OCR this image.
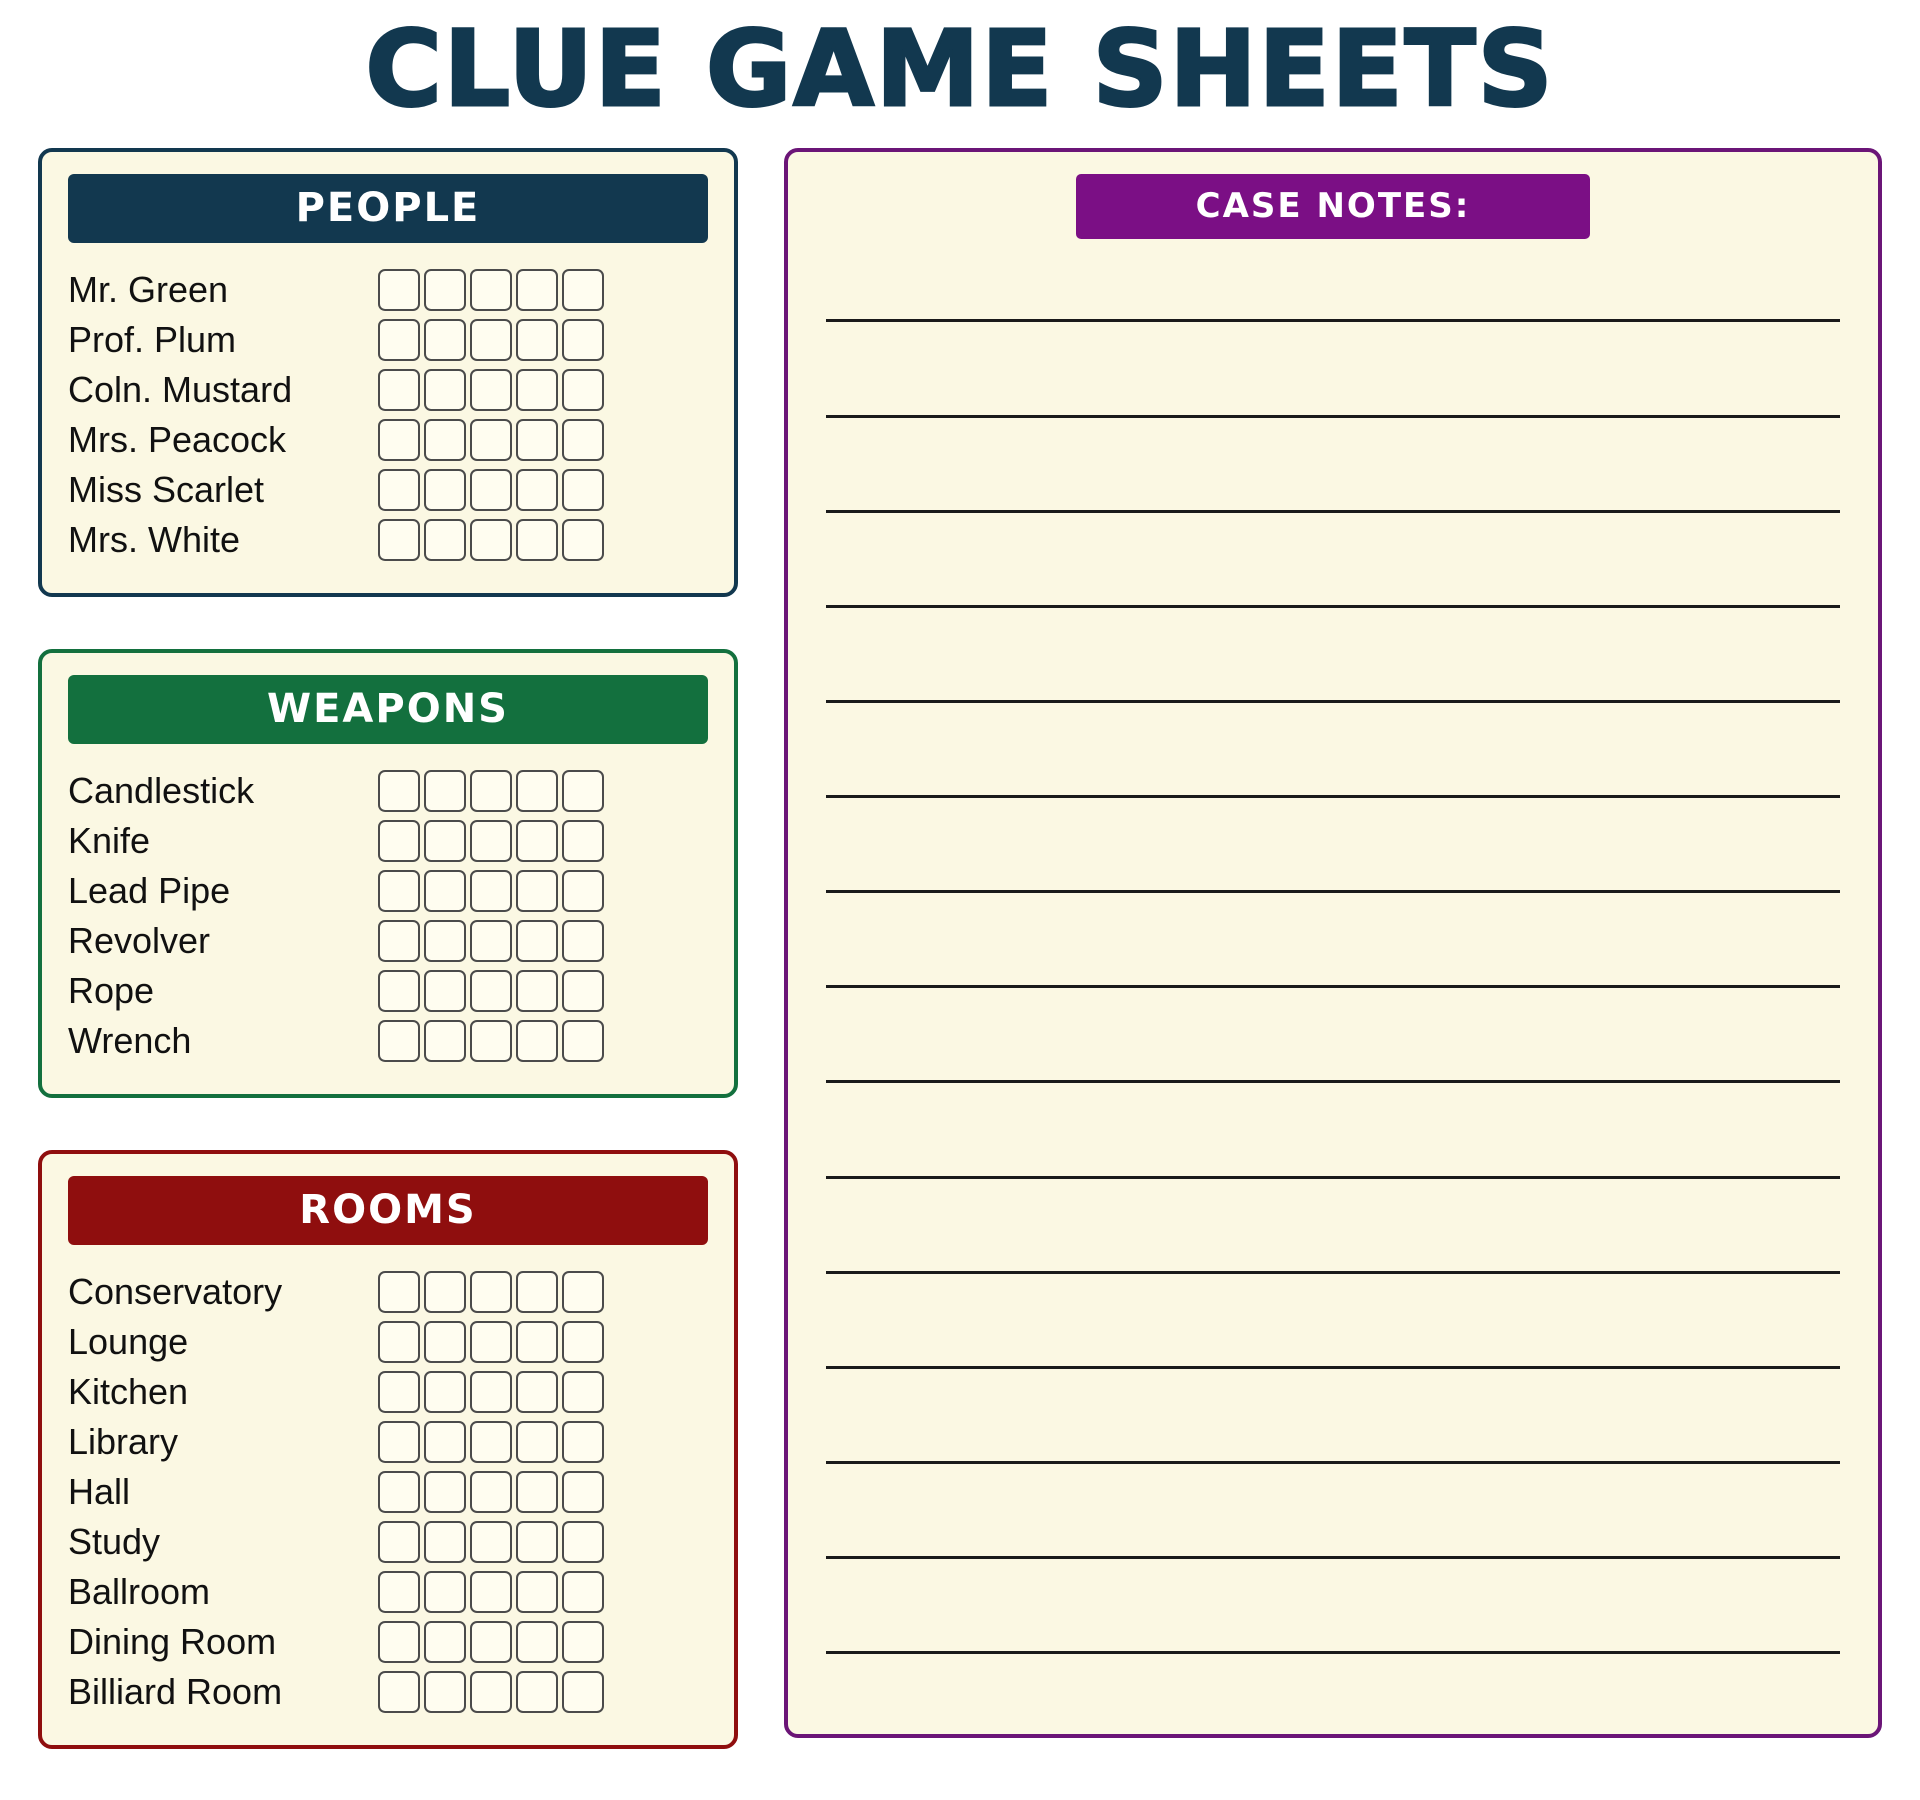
CLUE GAME SHEETS
PEOPLE
Mr. Green
Prof. Plum
Coln. Mustard
Mrs. Peacock
Miss Scarlet
Mrs. White
WEAPONS
Candlestick
Knife
Lead Pipe
Revolver
Rope
Wrench
ROOMS
Conservatory
Lounge
Kitchen
Library
Hall
Study
Ballroom
Dining Room
Billiard Room
CASE NOTES:
